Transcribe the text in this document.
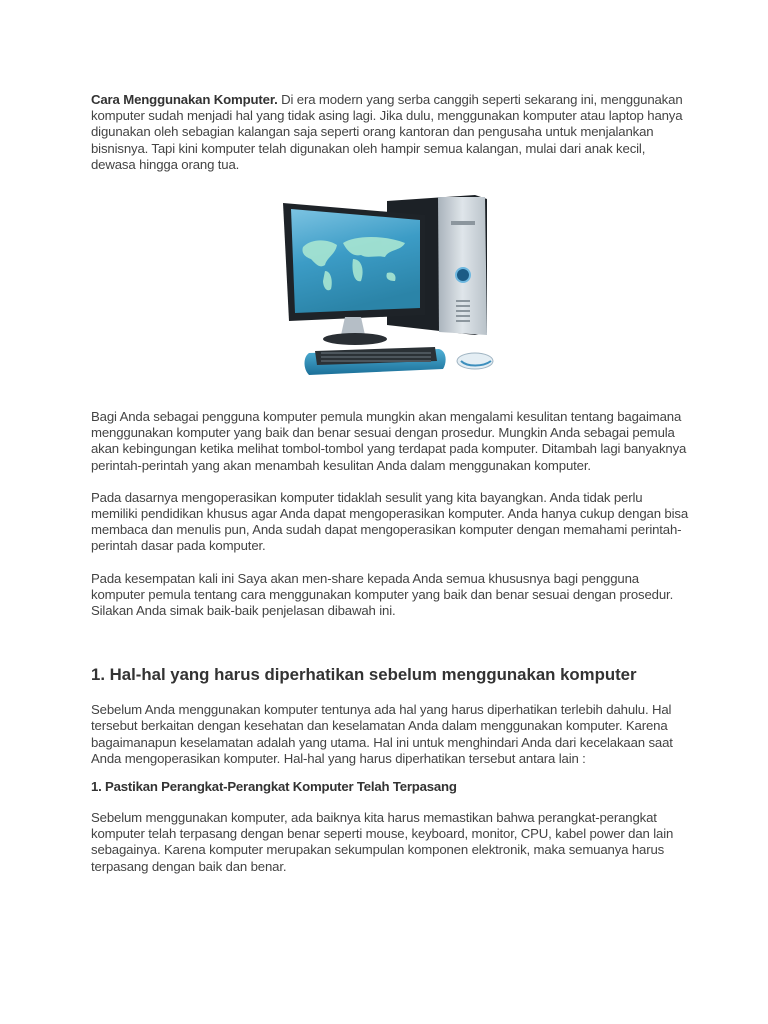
Cara Menggunakan Komputer. Di era modern yang serba canggih seperti sekarang ini, menggunakan komputer sudah menjadi hal yang tidak asing lagi. Jika dulu, menggunakan komputer atau laptop hanya digunakan oleh sebagian kalangan saja seperti orang kantoran dan pengusaha untuk menjalankan bisnisnya. Tapi kini komputer telah digunakan oleh hampir semua kalangan, mulai dari anak kecil, dewasa hingga orang tua.

Bagi Anda sebagai pengguna komputer pemula mungkin akan mengalami kesulitan tentang bagaimana menggunakan komputer yang baik dan benar sesuai dengan prosedur. Mungkin Anda sebagai pemula akan kebingungan ketika melihat tombol-tombol yang terdapat pada komputer. Ditambah lagi banyaknya perintah-perintah yang akan menambah kesulitan Anda dalam menggunakan komputer.

Pada dasarnya mengoperasikan komputer tidaklah sesulit yang kita bayangkan. Anda tidak perlu memiliki pendidikan khusus agar Anda dapat mengoperasikan komputer. Anda hanya cukup dengan bisa membaca dan menulis pun, Anda sudah dapat mengoperasikan komputer dengan memahami perintah-perintah dasar pada komputer.

Pada kesempatan kali ini Saya akan men-share kepada Anda semua khususnya bagi pengguna komputer pemula tentang cara menggunakan komputer yang baik dan benar sesuai dengan prosedur. Silakan Anda simak baik-baik penjelasan dibawah ini.

1. Hal-hal yang harus diperhatikan sebelum menggunakan komputer

Sebelum Anda menggunakan komputer tentunya ada hal yang harus diperhatikan terlebih dahulu. Hal tersebut berkaitan dengan kesehatan dan keselamatan Anda dalam menggunakan komputer. Karena bagaimanapun keselamatan adalah yang utama. Hal ini untuk menghindari Anda dari kecelakaan saat Anda mengoperasikan komputer. Hal-hal yang harus diperhatikan tersebut antara lain :

1. Pastikan Perangkat-Perangkat Komputer Telah Terpasang

Sebelum menggunakan komputer, ada baiknya kita harus memastikan bahwa perangkat-perangkat komputer telah terpasang dengan benar seperti mouse, keyboard, monitor, CPU, kabel power dan lain sebagainya. Karena komputer merupakan sekumpulan komponen elektronik, maka semuanya harus terpasang dengan baik dan benar.
